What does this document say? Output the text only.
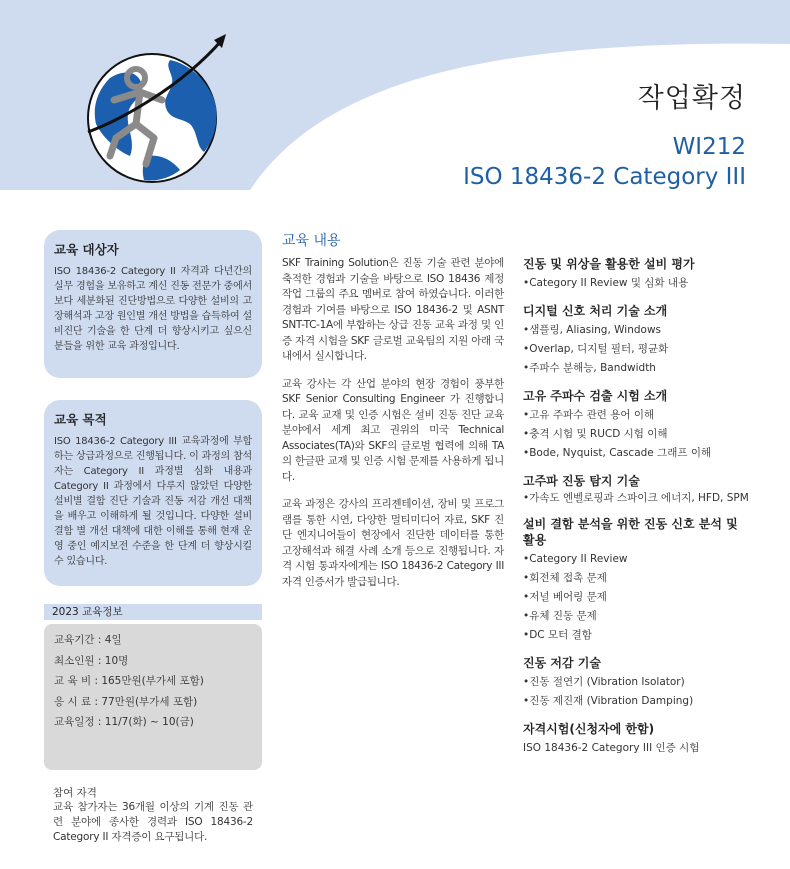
작업확정
WI212
ISO 18436-2 Category III
교육 대상자

ISO 18436-2 Category II 자격과 다년간의 실무 경험을 보유하고 계신 진동 전문가 중에서 보다 세분화된 진단방법으로 다양한 설비의 고장해석과 고장 원인별 개선 방법을 습득하여 설비진단 기술을 한 단계 더 향상시키고 싶으신 분들을 위한 교육 과정입니다.

교육 목적

ISO 18436-2 Category III 교육과정에 부합하는 상급과정으로 진행됩니다. 이 과정의 참석자는 Category II 과정별 심화 내용과 Category II 과정에서 다루지 않았던 다양한 설비별 결함 진단 기술과 진동 저감 개선 대책을 배우고 이해하게 될 것입니다. 다양한 설비 결함 별 개선 대책에 대한 이해를 통해 현재 운영 중인 예지보전 수준을 한 단계 더 향상시킬 수 있습니다.

2023 교육정보
교육기간 : 4일
최소인원 : 10명
교 육 비 : 165만원(부가세 포함)
응 시 료 : 77만원(부가세 포함)
교육일정 : 11/7(화) ~ 10(금)
참여 자격

교육 참가자는 36개월 이상의 기계 진동 관련 분야에 종사한 경력과 ISO 18436-2 Category II 자격증이 요구됩니다.

교육 내용

SKF Training Solution은 진동 기술 관련 분야에 축적한 경험과 기술을 바탕으로 ISO 18436 제정 작업 그룹의 주요 멤버로 참여 하였습니다. 이러한 경험과 기여를 바탕으로 ISO 18436-2 및 ASNT SNT-TC-1A에 부합하는 상급 진동 교육 과정 및 인증 자격 시험을 SKF 글로벌 교육팀의 지원 아래 국내에서 실시합니다.

교육 강사는 각 산업 분야의 현장 경험이 풍부한 SKF Senior Consulting Engineer 가 진행합니다. 교육 교재 및 인증 시험은 설비 진동 진단 교육 분야에서 세계 최고 권위의 미국 Technical Associates(TA)와 SKF의 글로벌 협력에 의해 TA의 한글판 교재 및 인증 시험 문제를 사용하게 됩니다.

교육 과정은 강사의 프리젠테이션, 장비 및 프로그램를 통한 시연, 다양한 멀티미디어 자료, SKF 진단 엔지니어들이 현장에서 진단한 데이터를 통한 고장해석과 해결 사례 소개 등으로 진행됩니다. 자격 시험 통과자에게는 ISO 18436-2 Category III 자격 인증서가 발급됩니다.

진동 및 위상을 활용한 설비 평가
•Category II Review 및 심화 내용
디지털 신호 처리 기술 소개
•샘플링, Aliasing, Windows
•Overlap, 디지털 필터, 평균화
•주파수 분해능, Bandwidth
고유 주파수 검출 시험 소개
•고유 주파수 관련 용어 이해
•충격 시험 및 RUCD 시험 이해
•Bode, Nyquist, Cascade 그래프 이해
고주파 진동 탐지 기술
•가속도 엔벨로핑과 스파이크 에너지, HFD, SPM
설비 결함 분석을 위한 진동 신호 분석 및 활용
•Category II Review
•회전체 접촉 문제
•저널 베어링 문제
•유체 진동 문제
•DC 모터 결함
진동 저감 기술
•진동 절연기 (Vibration Isolator)
•진동 제진재 (Vibration Damping)
자격시험(신청자에 한함)
ISO 18436-2 Category III 인증 시험
